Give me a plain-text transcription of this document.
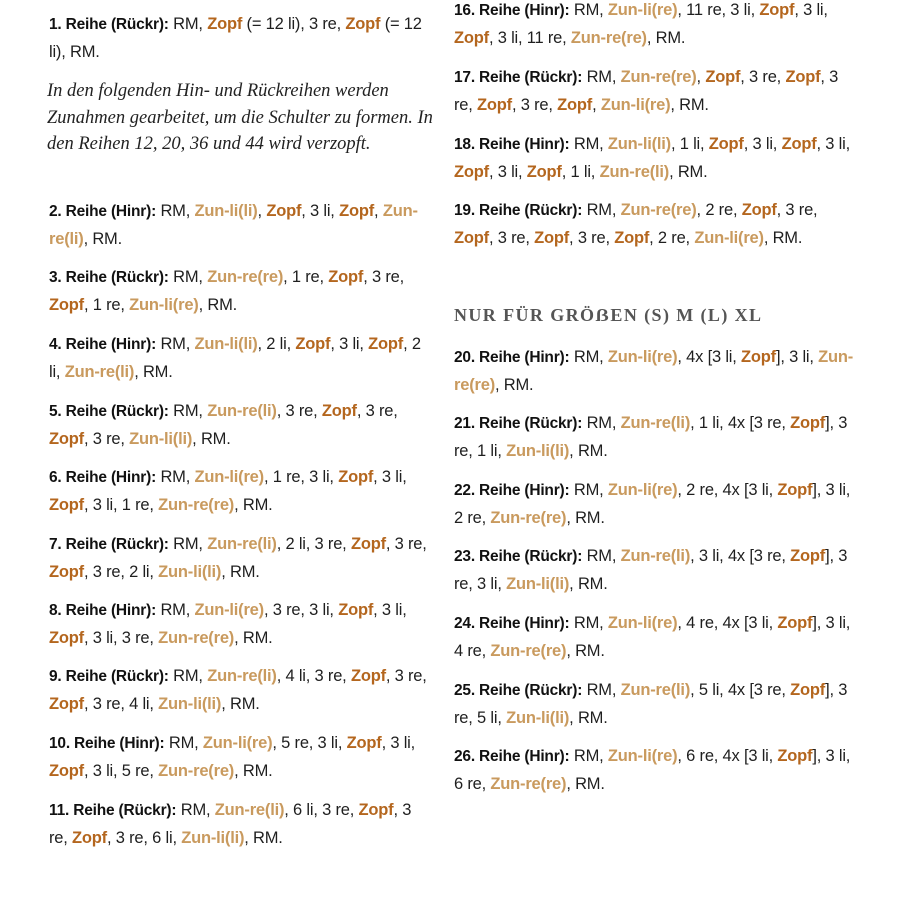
1. Reihe (Rückr): RM, Zopf (= 12 li), 3 re, Zopf (= 12 li), RM.
In den folgenden Hin- und Rückreihen werden Zunahmen gearbeitet, um die Schulter zu formen. In den Reihen 12, 20, 36 und 44 wird verzopft.
2. Reihe (Hinr): RM, Zun-li(li), Zopf, 3 li, Zopf, Zun-re(li), RM.
3. Reihe (Rückr): RM, Zun-re(re), 1 re, Zopf, 3 re, Zopf, 1 re, Zun-li(re), RM.
4. Reihe (Hinr): RM, Zun-li(li), 2 li, Zopf, 3 li, Zopf, 2 li, Zun-re(li), RM.
5. Reihe (Rückr): RM, Zun-re(li), 3 re, Zopf, 3 re, Zopf, 3 re, Zun-li(li), RM.
6. Reihe (Hinr): RM, Zun-li(re), 1 re, 3 li, Zopf, 3 li, Zopf, 3 li, 1 re, Zun-re(re), RM.
7. Reihe (Rückr): RM, Zun-re(li), 2 li, 3 re, Zopf, 3 re, Zopf, 3 re, 2 li, Zun-li(li), RM.
8. Reihe (Hinr): RM, Zun-li(re), 3 re, 3 li, Zopf, 3 li, Zopf, 3 li, 3 re, Zun-re(re), RM.
9. Reihe (Rückr): RM, Zun-re(li), 4 li, 3 re, Zopf, 3 re, Zopf, 3 re, 4 li, Zun-li(li), RM.
10. Reihe (Hinr): RM, Zun-li(re), 5 re, 3 li, Zopf, 3 li, Zopf, 3 li, 5 re, Zun-re(re), RM.
11. Reihe (Rückr): RM, Zun-re(li), 6 li, 3 re, Zopf, 3 re, Zopf, 3 re, 6 li, Zun-li(li), RM.
16. Reihe (Hinr): RM, Zun-li(re), 11 re, 3 li, Zopf, 3 li, Zopf, 3 li, 11 re, Zun-re(re), RM.
17. Reihe (Rückr): RM, Zun-re(re), Zopf, 3 re, Zopf, 3 re, Zopf, 3 re, Zopf, Zun-li(re), RM.
18. Reihe (Hinr): RM, Zun-li(li), 1 li, Zopf, 3 li, Zopf, 3 li, Zopf, 3 li, Zopf, 1 li, Zun-re(li), RM.
19. Reihe (Rückr): RM, Zun-re(re), 2 re, Zopf, 3 re, Zopf, 3 re, Zopf, 3 re, Zopf, 2 re, Zun-li(re), RM.
NUR FÜR GRÖẞEN (S) M (L) XL
20. Reihe (Hinr): RM, Zun-li(re), 4x [3 li, Zopf], 3 li, Zun-re(re), RM.
21. Reihe (Rückr): RM, Zun-re(li), 1 li, 4x [3 re, Zopf], 3 re, 1 li, Zun-li(li), RM.
22. Reihe (Hinr): RM, Zun-li(re), 2 re, 4x [3 li, Zopf], 3 li, 2 re, Zun-re(re), RM.
23. Reihe (Rückr): RM, Zun-re(li), 3 li, 4x [3 re, Zopf], 3 re, 3 li, Zun-li(li), RM.
24. Reihe (Hinr): RM, Zun-li(re), 4 re, 4x [3 li, Zopf], 3 li, 4 re, Zun-re(re), RM.
25. Reihe (Rückr): RM, Zun-re(li), 5 li, 4x [3 re, Zopf], 3 re, 5 li, Zun-li(li), RM.
26. Reihe (Hinr): RM, Zun-li(re), 6 re, 4x [3 li, Zopf], 3 li, 6 re, Zun-re(re), RM.
